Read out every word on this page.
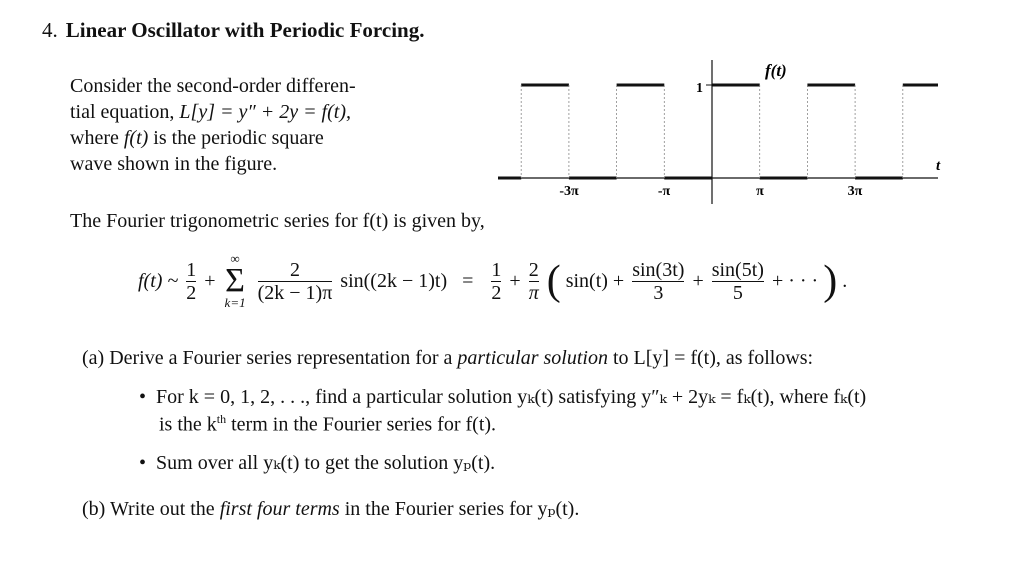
4. Linear Oscillator with Periodic Forcing.
Consider the second-order differen-
tial equation, L[y] = y″ + 2y = f(t),
where f(t) is the periodic square
wave shown in the figure.
1
f(t)
t
-3π	-π	π	3π
The Fourier trigonometric series for f(t) is given by,
f(t) ~ $\frac{1}{2}$ +
∞
Σ
k=1
$\frac{2}{(2k - 1)\pi} \sin((2k - 1)t) = \frac{1}{2} + \frac{2}{\pi}$ ( $\sin(t) + \frac{\sin(3t)}{3} + \frac{\sin(5t)}{5}$ + · · · ) .
(a) Derive a Fourier series representation for a particular solution to L[y] = f(t), as follows:
•  For k = 0, 1, 2, . . ., find a particular solution yₖ(t) satisfying y″ₖ + 2yₖ = fₖ(t), where fₖ(t)
is the $k^{th}$ term in the Fourier series for f(t).
•  Sum over all yₖ(t) to get the solution yₚ(t).
(b) Write out the first four terms in the Fourier series for yₚ(t).
